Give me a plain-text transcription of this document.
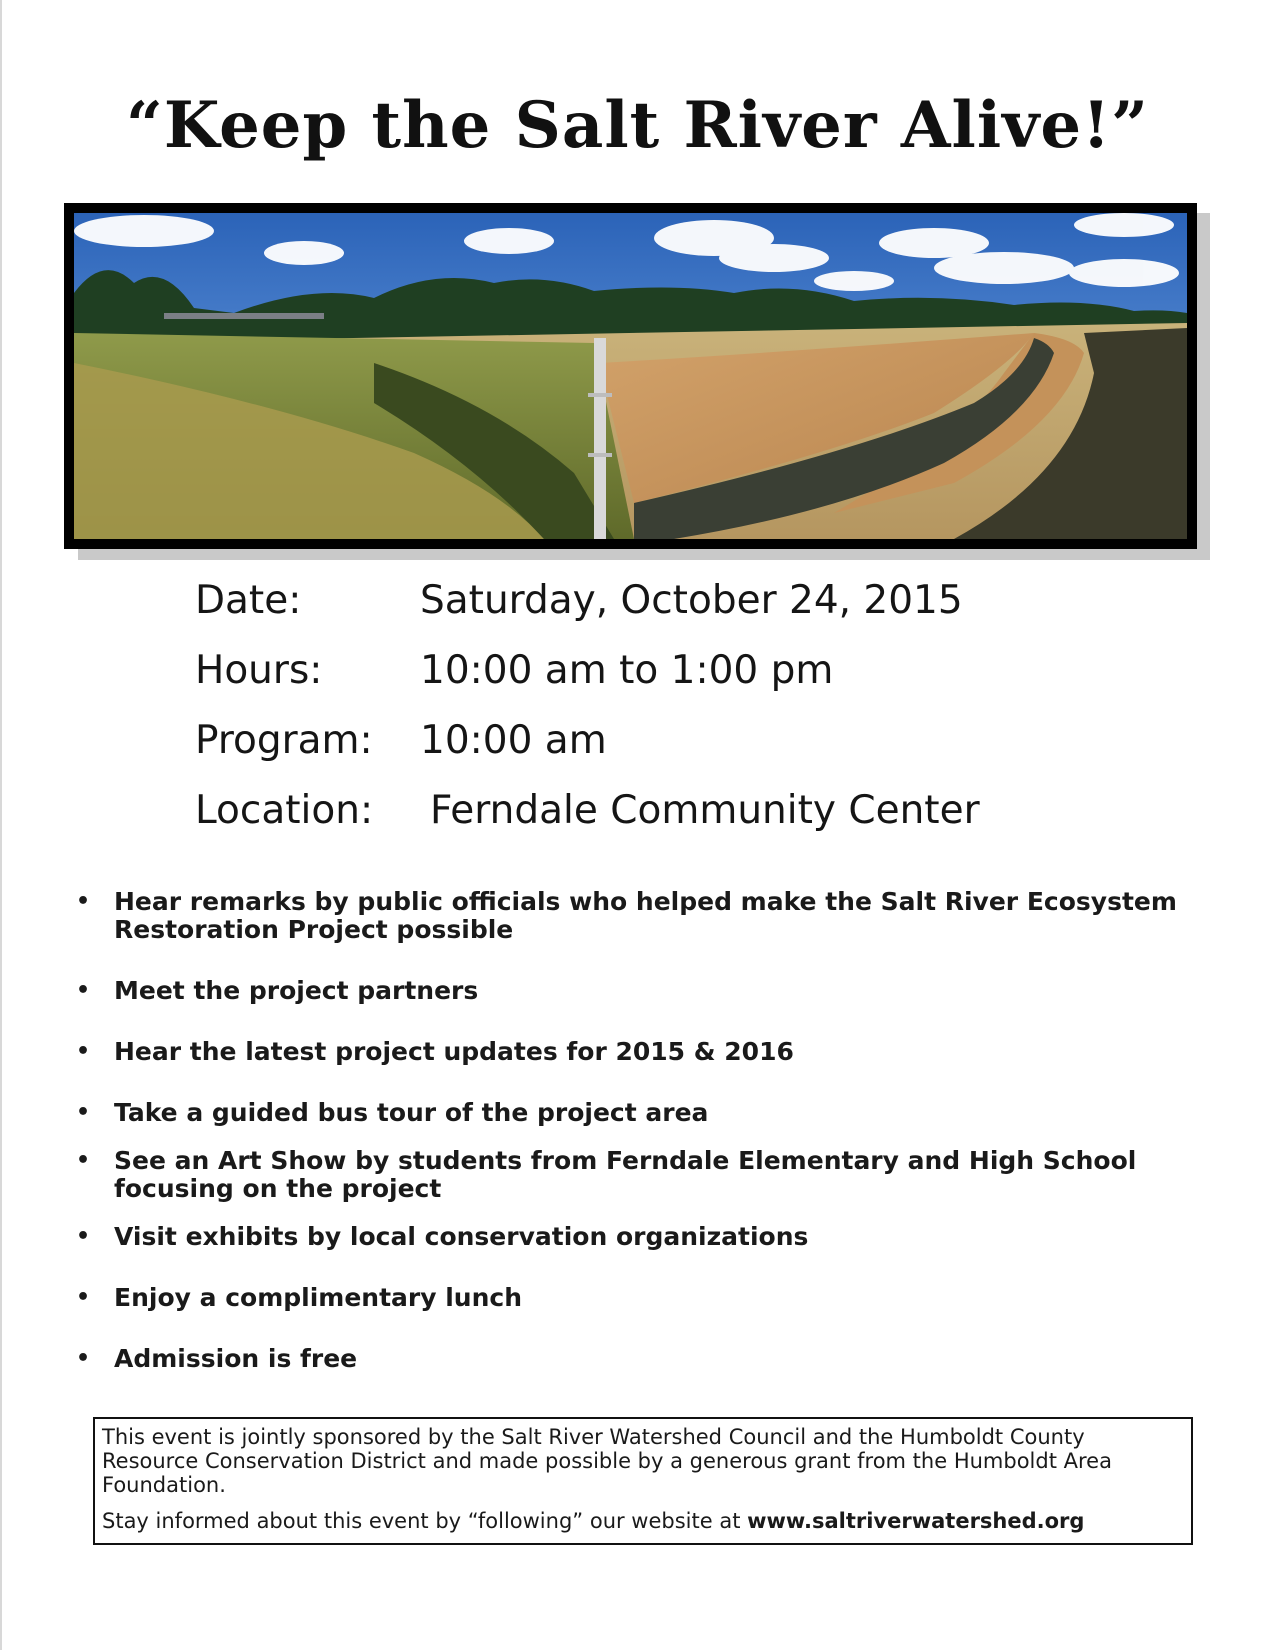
“Keep the Salt River Alive!”
Date:	Saturday, October 24, 2015
Hours:	10:00 am to 1:00 pm
Program: 10:00 am
Location: Ferndale Community Center
• Hear remarks by public officials who helped make the Salt River Ecosystem Restoration Project possible
• Meet the project partners
• Hear the latest project updates for 2015 & 2016
• Take a guided bus tour of the project area
• See an Art Show by students from Ferndale Elementary and High School focusing on the project
• Visit exhibits by local conservation organizations
• Enjoy a complimentary lunch
• Admission is free

This event is jointly sponsored by the Salt River Watershed Council and the Humboldt County Resource Conservation District and made possible by a generous grant from the Humboldt Area Foundation.

Stay informed about this event by “following” our website at www.saltriverwatershed.org
